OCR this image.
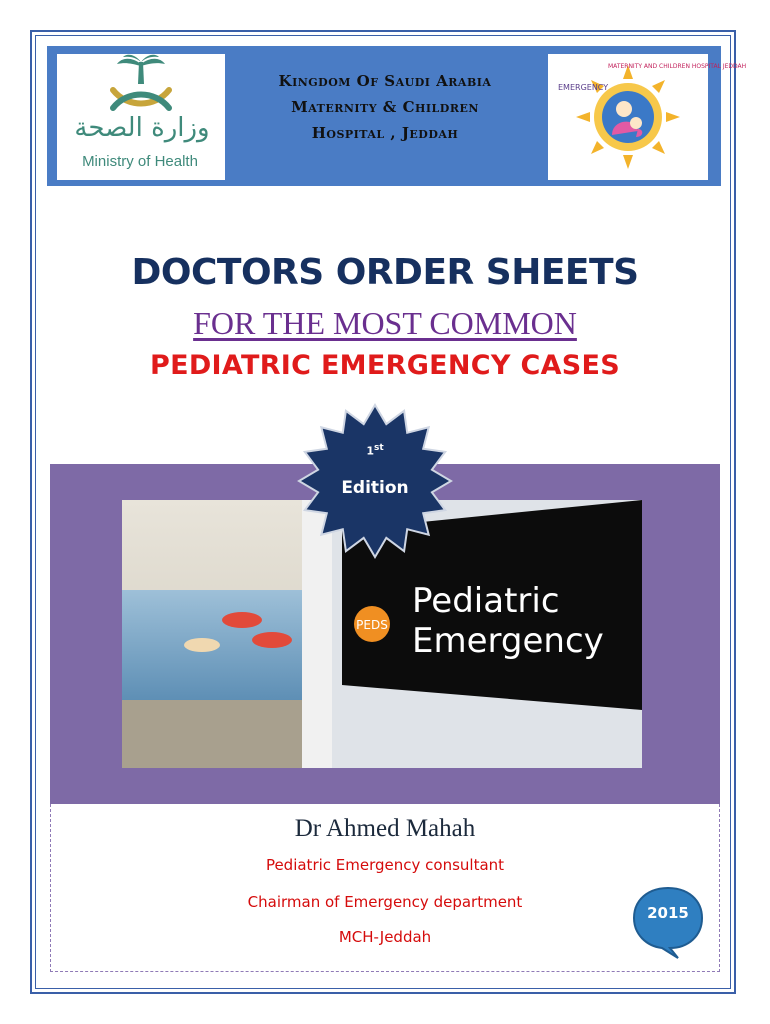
وزارة الصحة
Ministry of Health
Kingdom Of Saudi Arabia
Maternity & Children
Hospital , Jeddah
EMERGENCY
MATERNITY AND CHILDREN HOSPITAL JEDDAH
DOCTORS ORDER SHEETS
FOR THE MOST COMMON
PEDIATRIC EMERGENCY CASES
PEDS
Pediatric
Emergency
Dr Ahmed Mahah
Pediatric Emergency consultant
Chairman of Emergency department
MCH-Jeddah
2015
1st
Edition
